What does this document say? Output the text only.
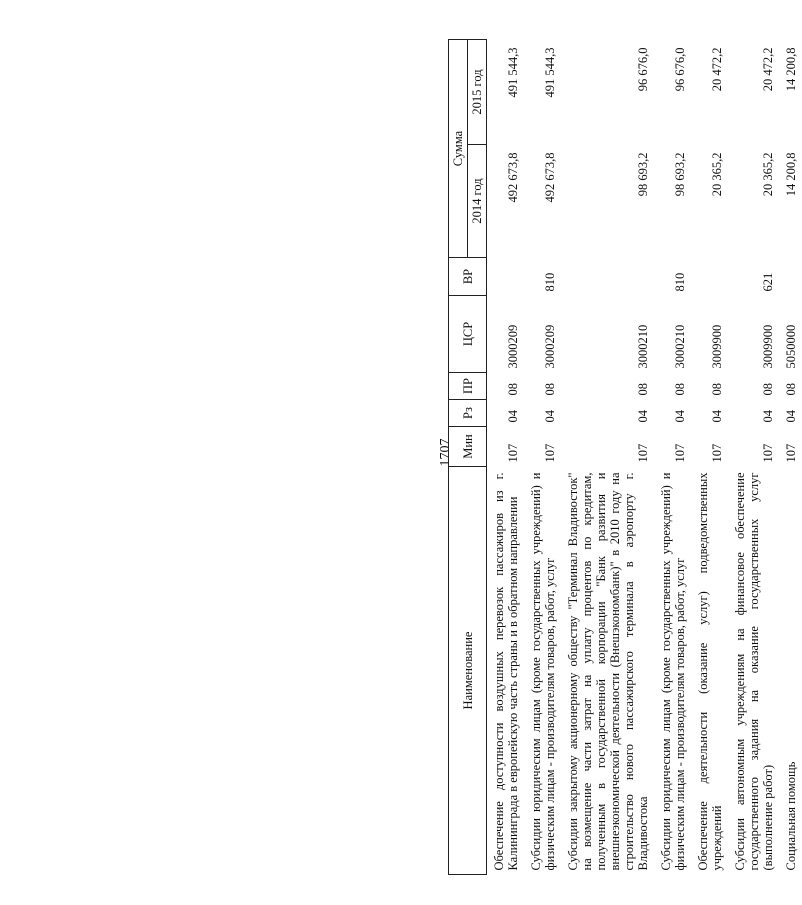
1707
Наименование	Мин	Рз	ПР	ЦСР	ВР	Сумма	
						2014 год	2015 год
Обеспечение доступности воздушных перевозок пассажиров из г. Калининграда в европейскую часть страны и в обратном направлении	107	04	08	3000209		492 673,8	491 544,3
Субсидии юридическим лицам (кроме государственных учреждений) и физическим лицам - производителям товаров, работ, услуг	107	04	08	3000209	810	492 673,8	491 544,3
Субсидии закрытому акционерному обществу "Терминал Владивосток" на возмещение части затрат на уплату процентов по кредитам, полученным в государственной корпорации "Банк развития и внешнеэкономической деятельности (Внешэкономбанк)" в 2010 году на строительство нового пассажирского терминала в аэропорту г. Владивостока	107	04	08	3000210		98 693,2	96 676,0
Субсидии юридическим лицам (кроме государственных учреждений) и физическим лицам - производителям товаров, работ, услуг	107	04	08	3000210	810	98 693,2	96 676,0
Обеспечение деятельности (оказание услуг) подведомственных учреждений	107	04	08	3009900		20 365,2	20 472,2
Субсидии автономным учреждениям на финансовое обеспечение государственного задания на оказание государственных услуг (выполнение работ)	107	04	08	3009900	621	20 365,2	20 472,2
Социальная помощь	107	04	08	5050000		14 200,8	14 200,8
